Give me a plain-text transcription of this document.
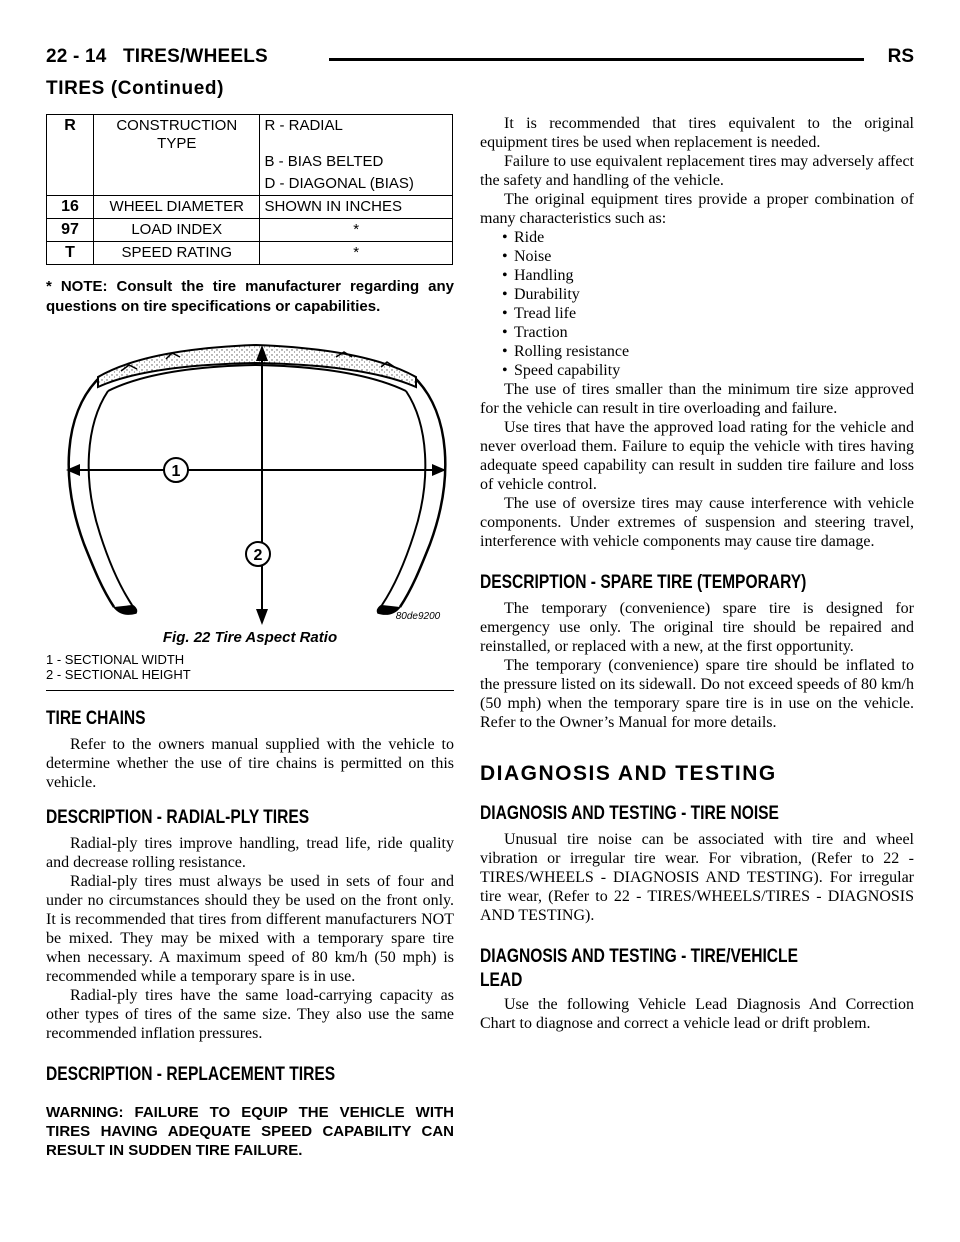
22 - 14 TIRES/WHEELS	RS
TIRES (Continued)
R	CONSTRUCTION TYPE	R - RADIAL
B - BIAS BELTED
D - DIAGONAL (BIAS)

16	WHEEL DIAMETER	SHOWN IN INCHES
97	LOAD INDEX	*
T	SPEED RATING	*
* NOTE: Consult the tire manufacturer regarding any questions on tire specifications or capabilities.
1
2
80de9200
Fig. 22 Tire Aspect Ratio
1 - SECTIONAL WIDTH
2 - SECTIONAL HEIGHT
TIRE CHAINS

Refer to the owners manual supplied with the vehicle to determine whether the use of tire chains is permitted on this vehicle.

DESCRIPTION - RADIAL-PLY TIRES

Radial-ply tires improve handling, tread life, ride quality and decrease rolling resistance.

Radial-ply tires must always be used in sets of four and under no circumstances should they be used on the front only. It is recommended that tires from different manufacturers NOT be mixed. They may be mixed with a temporary spare tire when necessary. A maximum speed of 80 km/h (50 mph) is recommended while a temporary spare is in use.

Radial-ply tires have the same load-carrying capacity as other types of tires of the same size. They also use the same recommended inflation pressures.

DESCRIPTION - REPLACEMENT TIRES

WARNING: FAILURE TO EQUIP THE VEHICLE WITH TIRES HAVING ADEQUATE SPEED CAPABILITY CAN RESULT IN SUDDEN TIRE FAILURE.

It is recommended that tires equivalent to the original equipment tires be used when replacement is needed.

Failure to use equivalent replacement tires may adversely affect the safety and handling of the vehicle.

The original equipment tires provide a proper combination of many characteristics such as:

• Ride
• Noise
• Handling
• Durability
• Tread life
• Traction
• Rolling resistance
• Speed capability

The use of tires smaller than the minimum tire size approved for the vehicle can result in tire overloading and failure.

Use tires that have the approved load rating for the vehicle and never overload them. Failure to equip the vehicle with tires having adequate speed capability can result in sudden tire failure and loss of vehicle control.

The use of oversize tires may cause interference with vehicle components. Under extremes of suspension and steering travel, interference with vehicle components may cause tire damage.

DESCRIPTION - SPARE TIRE (TEMPORARY)

The temporary (convenience) spare tire is designed for emergency use only. The original tire should be repaired and reinstalled, or replaced with a new, at the first opportunity.

The temporary (convenience) spare tire should be inflated to the pressure listed on its sidewall. Do not exceed speeds of 80 km/h (50 mph) when the temporary spare tire is in use on the vehicle. Refer to the Owner’s Manual for more details.

DIAGNOSIS AND TESTING
DIAGNOSIS AND TESTING - TIRE NOISE

Unusual tire noise can be associated with tire and wheel vibration or irregular tire wear. For vibration, (Refer to 22 - TIRES/WHEELS - DIAGNOSIS AND TESTING). For irregular tire wear, (Refer to 22 - TIRES/WHEELS/TIRES - DIAGNOSIS AND TESTING).

DIAGNOSIS AND TESTING - TIRE/VEHICLE LEAD

Use the following Vehicle Lead Diagnosis And Correction Chart to diagnose and correct a vehicle lead or drift problem.
